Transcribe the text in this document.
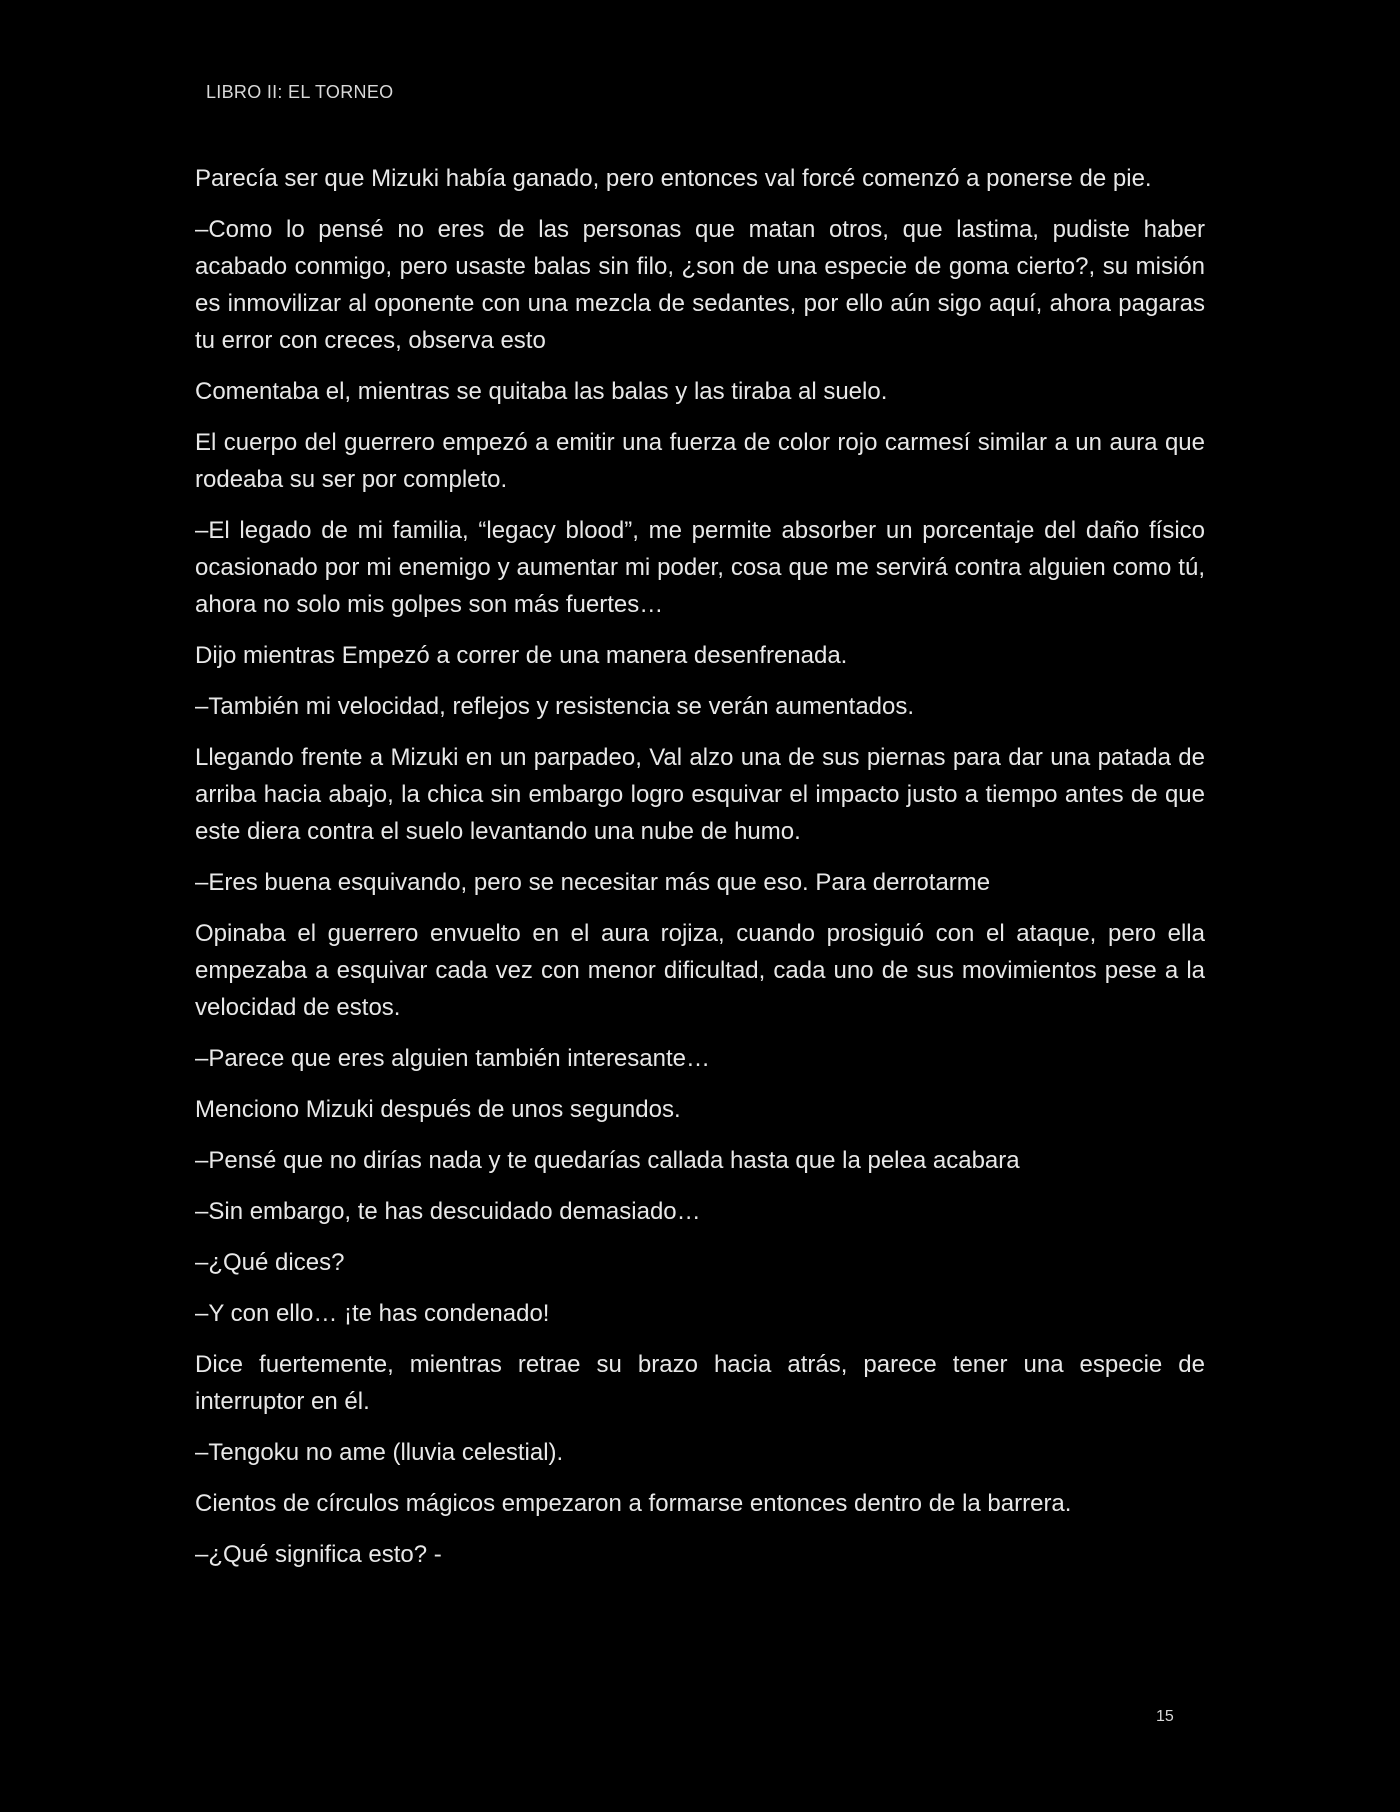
LIBRO II: EL TORNEO

Parecía ser que Mizuki había ganado, pero entonces val forcé comenzó a ponerse de pie.

–Como lo pensé no eres de las personas que matan otros, que lastima, pudiste haber acabado conmigo, pero usaste balas sin filo, ¿son de una especie de goma cierto?, su misión es inmovilizar al oponente con una mezcla de sedantes, por ello aún sigo aquí, ahora pagaras tu error con creces, observa esto

Comentaba el, mientras se quitaba las balas y las tiraba al suelo.

El cuerpo del guerrero empezó a emitir una fuerza de color rojo carmesí similar a un aura que rodeaba su ser por completo.

–El legado de mi familia, “legacy blood”, me permite absorber un porcentaje del daño físico ocasionado por mi enemigo y aumentar mi poder, cosa que me servirá contra alguien como tú, ahora no solo mis golpes son más fuertes…

Dijo mientras Empezó a correr de una manera desenfrenada.

–También mi velocidad, reflejos y resistencia se verán aumentados.

Llegando frente a Mizuki en un parpadeo, Val alzo una de sus piernas para dar una patada de arriba hacia abajo, la chica sin embargo logro esquivar el impacto justo a tiempo antes de que este diera contra el suelo levantando una nube de humo.

–Eres buena esquivando, pero se necesitar más que eso. Para derrotarme

Opinaba el guerrero envuelto en el aura rojiza, cuando prosiguió con el ataque, pero ella empezaba a esquivar cada vez con menor dificultad, cada uno de sus movimientos pese a la velocidad de estos.

–Parece que eres alguien también interesante…

Menciono Mizuki después de unos segundos.

–Pensé que no dirías nada y te quedarías callada hasta que la pelea acabara

–Sin embargo, te has descuidado demasiado…

–¿Qué dices?

–Y con ello… ¡te has condenado!

Dice fuertemente, mientras retrae su brazo hacia atrás, parece tener una especie de interruptor en él.

–Tengoku no ame (lluvia celestial).

Cientos de círculos mágicos empezaron a formarse entonces dentro de la barrera.

–¿Qué significa esto? -

15
